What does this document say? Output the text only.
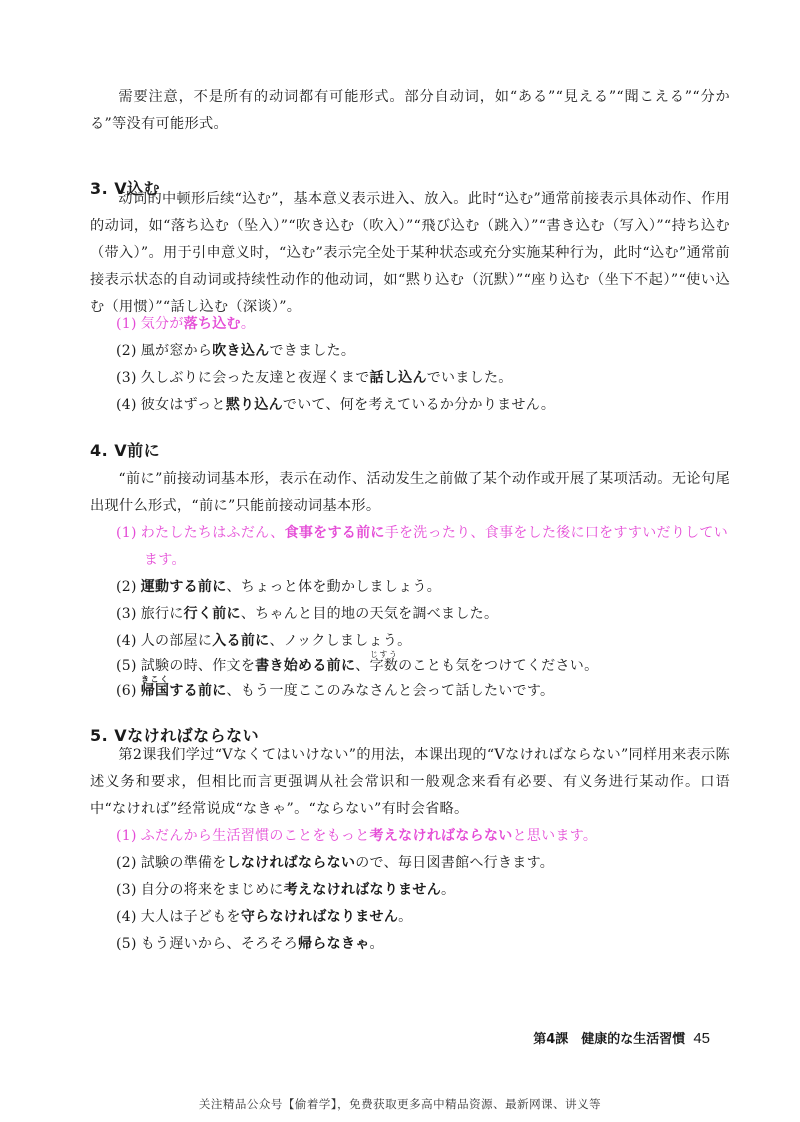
需要注意，不是所有的动词都有可能形式。部分自动词，如“ある”“見える”“聞こえる”“分かる”等没有可能形式。
3. V込む
动词的中顿形后续“込む”，基本意义表示进入、放入。此时“込む”通常前接表示具体动作、作用的动词，如“落ち込む（坠入）”“吹き込む（吹入）”“飛び込む（跳入）”“書き込む（写入）”“持ち込む（带入）”。用于引申意义时，“込む”表示完全处于某种状态或充分实施某种行为，此时“込む”通常前接表示状态的自动词或持续性动作的他动词，如“黙り込む（沉默）”“座り込む（坐下不起）”“使い込む（用惯）”“話し込む（深谈）”。
(1) 気分が落ち込む。
(2) 風が窓から吹き込んできました。
(3) 久しぶりに会った友達と夜遅くまで話し込んでいました。
(4) 彼女はずっと黙り込んでいて、何を考えているか分かりません。
4. V前に
“前に”前接动词基本形，表示在动作、活动发生之前做了某个动作或开展了某项活动。无论句尾出现什么形式，“前に”只能前接动词基本形。
(1) わたしたちはふだん、食事をする前に手を洗ったり、食事をした後に口をすすいだりしてい
ます。
(2) 運動する前に、ちょっと体を動かしましょう。
(3) 旅行に行く前に、ちゃんと目的地の天気を調べました。
(4) 人の部屋に入る前に、ノックしましょう。
(5) 試験の時、作文を書き始める前に、字数じすうのことも気をつけてください。
(6) 帰国きこくする前に、もう一度ここのみなさんと会って話したいです。
5. Vなければならない
第2课我们学过“Vなくてはいけない”的用法，本课出现的“Vなければならない”同样用来表示陈述义务和要求，但相比而言更强调从社会常识和一般观念来看有必要、有义务进行某动作。口语中“なければ”经常说成“なきゃ”。“ならない”有时会省略。
(1) ふだんから生活習慣のことをもっと考えなければならないと思います。
(2) 試験の準備をしなければならないので、毎日図書館へ行きます。
(3) 自分の将来をまじめに考えなければなりません。
(4) 大人は子どもを守らなければなりません。
(5) もう遅いから、そろそろ帰らなきゃ。
第4課　健康的な生活習慣 45
关注精品公众号【偷着学】，免费获取更多高中精品资源、最新网课、讲义等
